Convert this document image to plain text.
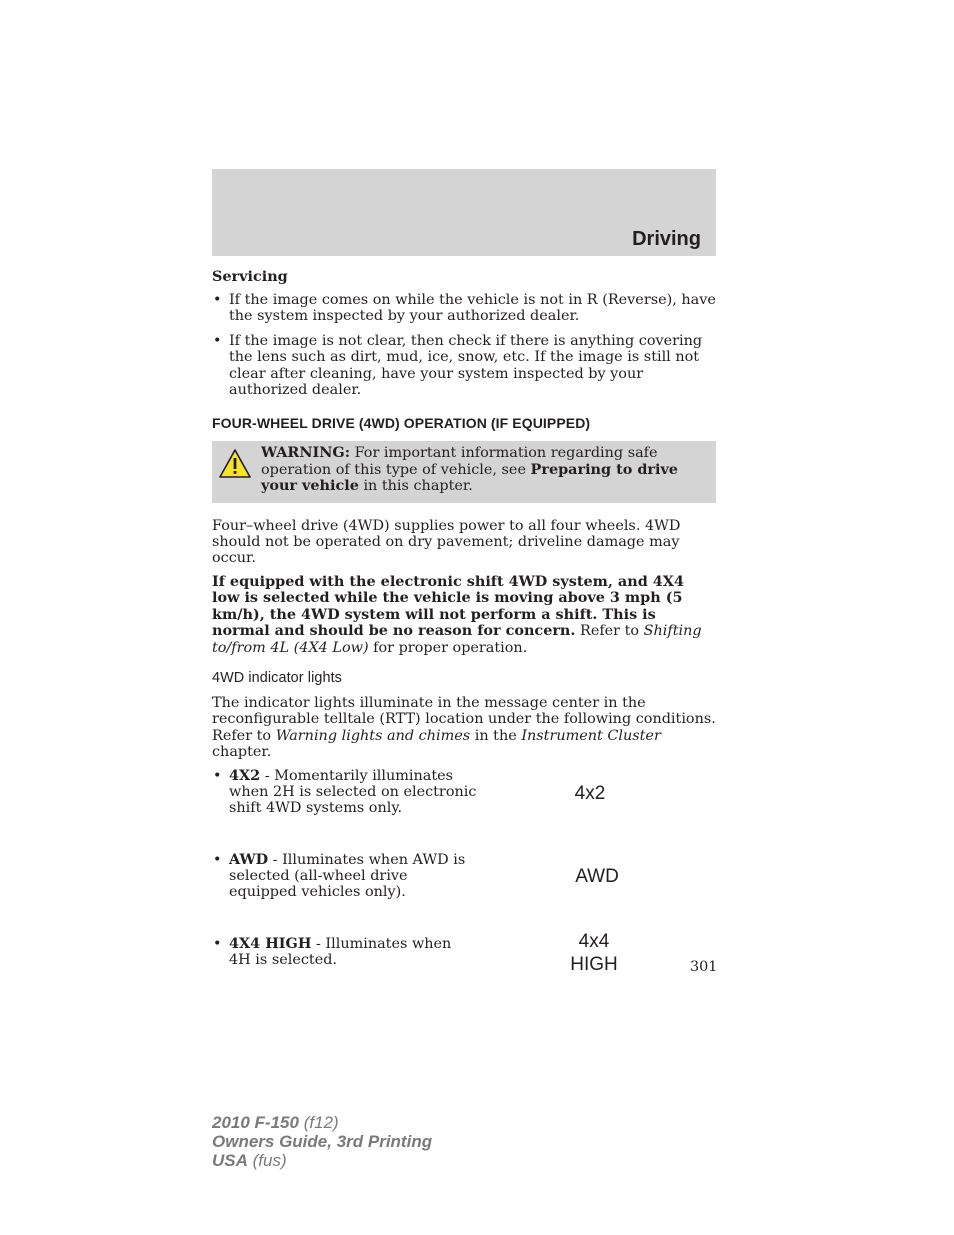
Driving

Servicing

• If the image comes on while the vehicle is not in R (Reverse), have the system inspected by your authorized dealer.
• If the image is not clear, then check if there is anything covering the lens such as dirt, mud, ice, snow, etc. If the image is still not clear after cleaning, have your system inspected by your authorized dealer.
FOUR-WHEEL DRIVE (4WD) OPERATION (IF EQUIPPED)
WARNING: For important information regarding safe operation of this type of vehicle, see Preparing to drive your vehicle in this chapter.

Four–wheel drive (4WD) supplies power to all four wheels. 4WD should not be operated on dry pavement; driveline damage may occur.

If equipped with the electronic shift 4WD system, and 4X4 low is selected while the vehicle is moving above 3 mph (5 km/h), the 4WD system will not perform a shift. This is normal and should be no reason for concern. Refer to Shifting to/from 4L (4X4 Low) for proper operation.

4WD indicator lights

The indicator lights illuminate in the message center in the reconfigurable telltale (RTT) location under the following conditions. Refer to Warning lights and chimes in the Instrument Cluster chapter.

• 4X2 - Momentarily illuminates when 2H is selected on electronic shift 4WD systems only.
4x2
• AWD - Illuminates when AWD is selected (all-wheel drive equipped vehicles only).
AWD
• 4X4 HIGH - Illuminates when 4H is selected.
4x4
HIGH	301
2010 F-150 (f12)
Owners Guide, 3rd Printing
USA (fus)
